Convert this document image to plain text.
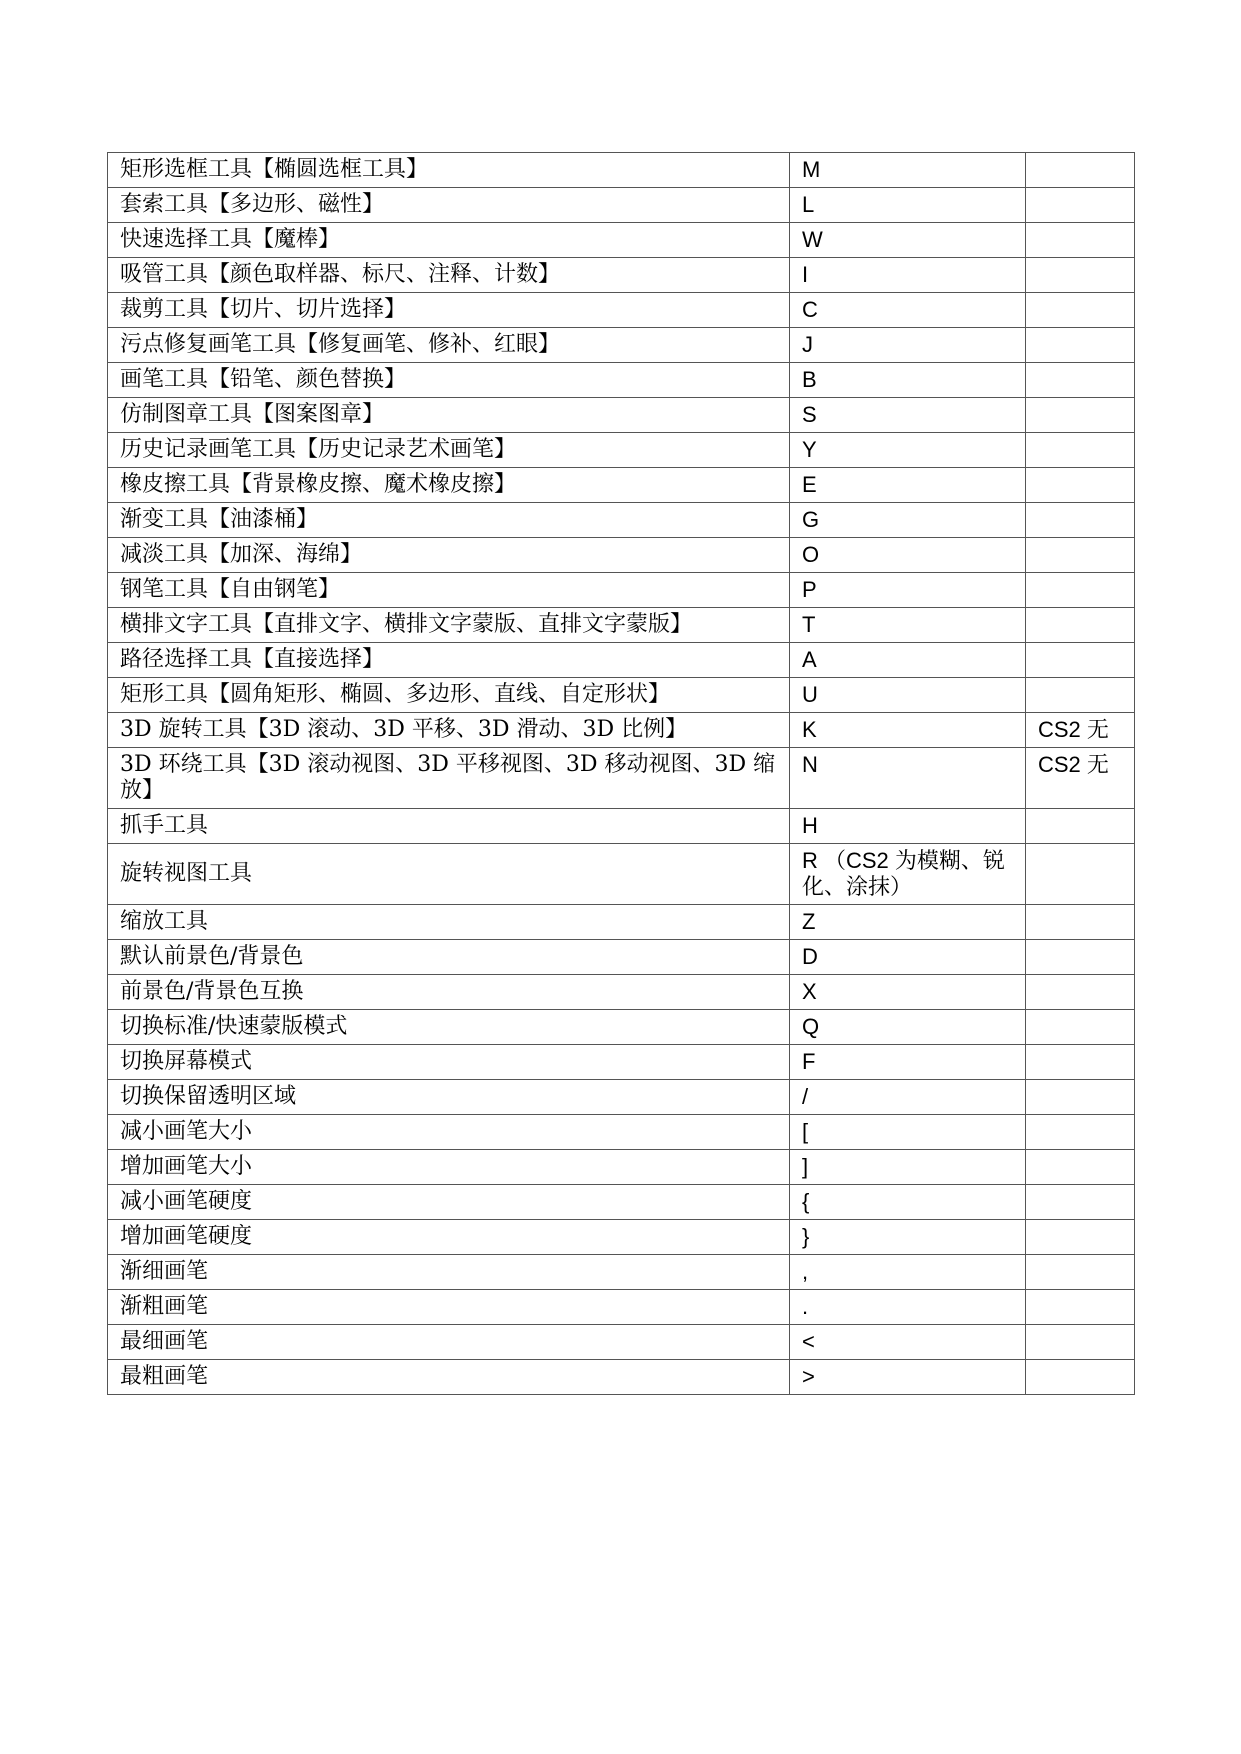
矩形选框工具【椭圆选框工具】	M	
套索工具【多边形、磁性】	L	
快速选择工具【魔棒】	W	
吸管工具【颜色取样器、标尺、注释、计数】	I	
裁剪工具【切片、切片选择】	C	
污点修复画笔工具【修复画笔、修补、红眼】	J	
画笔工具【铅笔、颜色替换】	B	
仿制图章工具【图案图章】	S	
历史记录画笔工具【历史记录艺术画笔】	Y	
橡皮擦工具【背景橡皮擦、魔术橡皮擦】	E	
渐变工具【油漆桶】	G	
减淡工具【加深、海绵】	O	
钢笔工具【自由钢笔】	P	
横排文字工具【直排文字、横排文字蒙版、直排文字蒙版】	T	
路径选择工具【直接选择】	A	
矩形工具【圆角矩形、椭圆、多边形、直线、自定形状】	U	
3D 旋转工具【3D 滚动、3D 平移、3D 滑动、3D 比例】	K	CS2 无
3D 环绕工具【3D 滚动视图、3D 平移视图、3D 移动视图、3D 缩放】	N	CS2 无
抓手工具	H	
旋转视图工具	R （CS2 为模糊、锐化、涂抹）	
缩放工具	Z	
默认前景色/背景色	D	
前景色/背景色互换	X	
切换标准/快速蒙版模式	Q	
切换屏幕模式	F	
切换保留透明区域	/	
减小画笔大小	[	
增加画笔大小	]	
减小画笔硬度	{	
增加画笔硬度	}	
渐细画笔	,	
渐粗画笔	.	
最细画笔	<	
最粗画笔	>	
